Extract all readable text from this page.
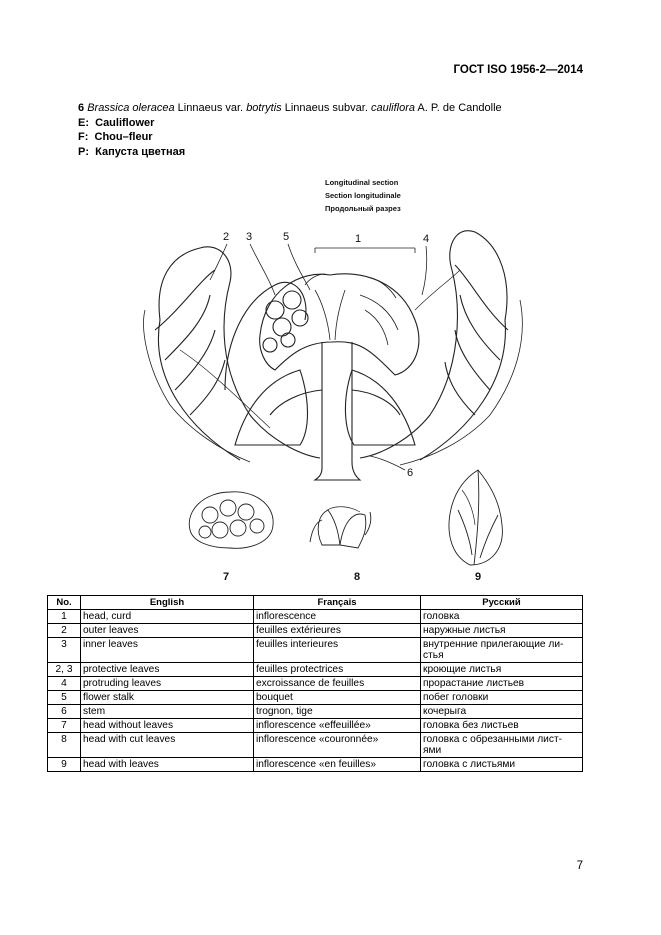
ГОСТ ISO 1956-2—2014
6 Brassica oleracea Linnaeus var. botrytis Linnaeus subvar. cauliflora A. P. de Candolle
E: Cauliflower
F: Chou–fleur
P: Капуста цветная
Longitudinal section
Section longitudinale
Продольный разрез
1
2 3	4
5
6
7	8	9
No.	English	Français	Русский
1	head, curd	inflorescence	головка
2	outer leaves	feuilles extérieures	наружные листья
3	inner leaves	feuilles interieures	внутренние прилегающие ли-стья
2, 3	protective leaves	feuilles protectrices	кроющие листья
4	protruding leaves	excroissance de feuilles	прорастание листьев
5	flower stalk	bouquet	побег головки
6	stem	trognon, tige	кочерыга
7	head without leaves	inflorescence «effeuillée»	головка без листьев
8	head with cut leaves	inflorescence «couronnée»	головка с обрезанными лист-ями
9	head with leaves	inflorescence «en feuilles»	головка с листьями
7
